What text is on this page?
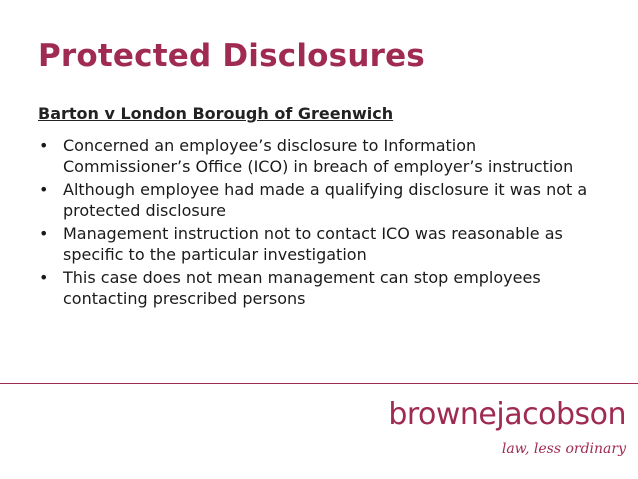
Protected Disclosures
Barton v London Borough of Greenwich
• Concerned an employee’s disclosure to Information Commissioner’s Office (ICO) in breach of employer’s instruction
• Although employee had made a qualifying disclosure it was not a protected disclosure
• Management instruction not to contact ICO was reasonable as specific to the particular investigation
• This case does not mean management can stop employees contacting prescribed persons
brownejacobson
law, less ordinary
